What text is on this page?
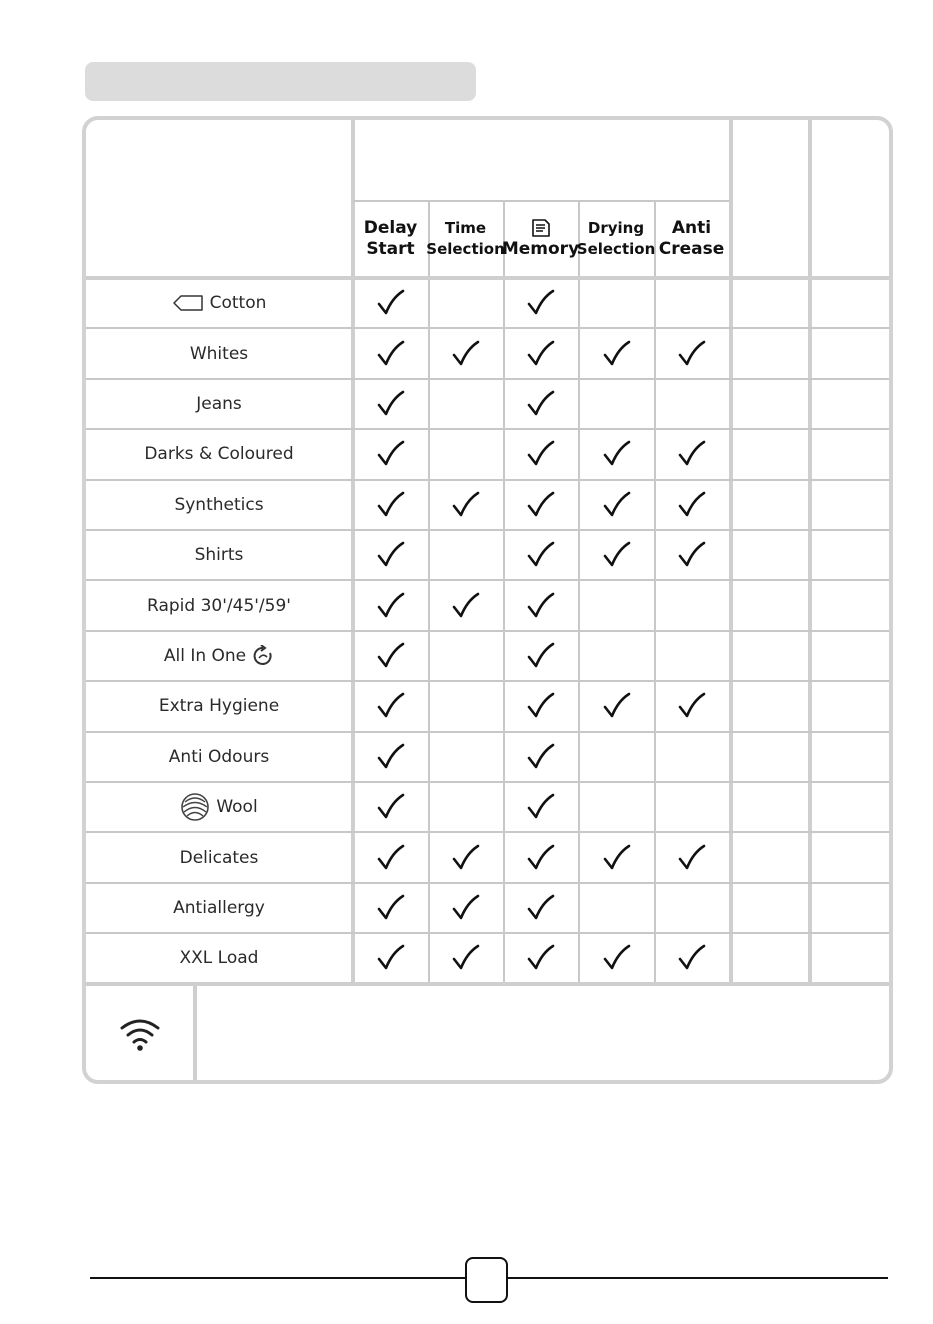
Delay
Start
Time
Selection
Memory
Drying
Selection
Anti
Crease
Cotton
Whites
Jeans
Darks & Coloured
Synthetics
Shirts
Rapid 30'/45'/59'
All In One
Extra Hygiene
Anti Odours
Wool
Delicates
Antiallergy
XXL Load
